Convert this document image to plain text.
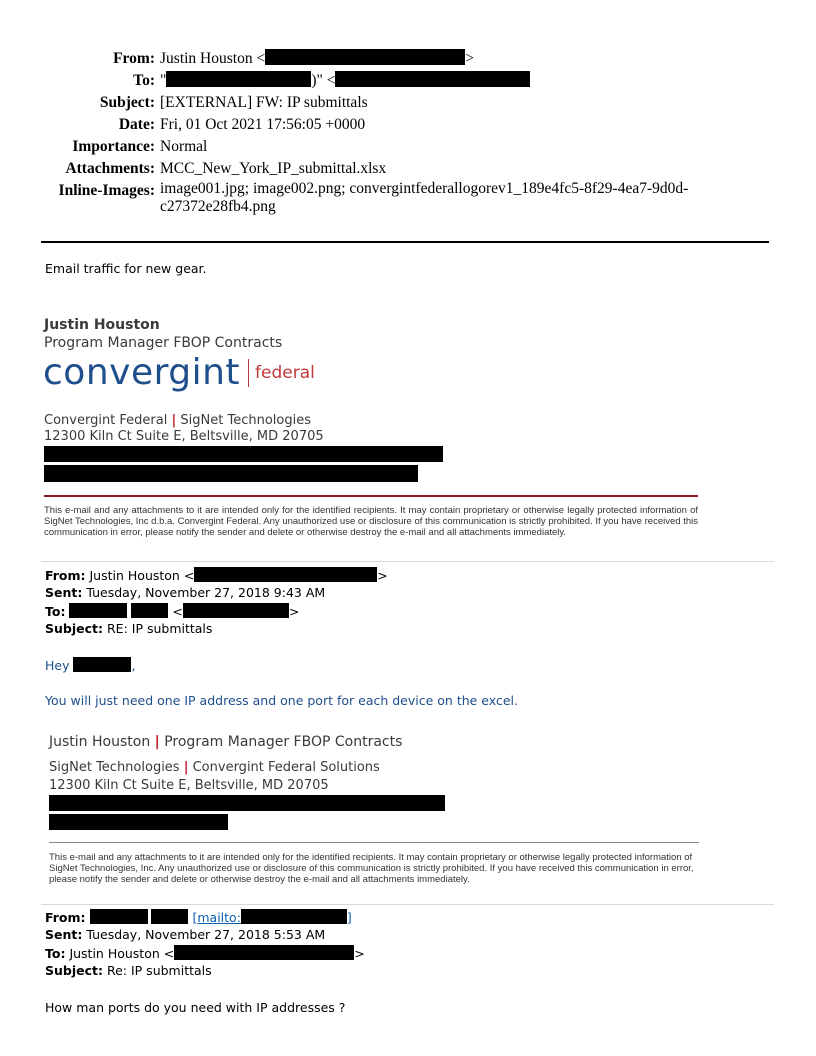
From: Justin Houston <	>
To: "	)" <
Subject: [EXTERNAL] FW: IP submittals
Date: Fri, 01 Oct 2021 17:56:05 +0000
Importance: Normal
Attachments: MCC_New_York_IP_submittal.xlsx
Inline-Images: image001.jpg; image002.png; convergintfederallogorev1_189e4fc5-8f29-4ea7-9d0d-
c27372e28fb4.png
Email traffic for new gear.
Justin Houston
Program Manager FBOP Contracts
convergint federal
Convergint Federal | SigNet Technologies
12300 Kiln Ct Suite E, Beltsville, MD 20705
This e-mail and any attachments to it are intended only for the identified recipients. It may contain proprietary or otherwise legally protected information of SigNet Technologies, Inc d.b.a. Convergint Federal. Any unauthorized use or disclosure of this communication is strictly prohibited. If you have received this communication in error, please notify the sender and delete or otherwise destroy the e-mail and all attachments immediately.
From: Justin Houston <	>
Sent: Tuesday, November 27, 2018 9:43 AM
To:	<	>
Subject: RE: IP submittals
Hey	,
You will just need one IP address and one port for each device on the excel.
Justin Houston | Program Manager FBOP Contracts
SigNet Technologies | Convergint Federal Solutions
12300 Kiln Ct Suite E, Beltsville, MD 20705
This e-mail and any attachments to it are intended only for the identified recipients. It may contain proprietary or otherwise legally protected information of SigNet Technologies, Inc. Any unauthorized use or disclosure of this communication is strictly prohibited. If you have received this communication in error, please notify the sender and delete or otherwise destroy the e-mail and all attachments immediately.
From:	[mailto:	]
Sent: Tuesday, November 27, 2018 5:53 AM
To: Justin Houston <	>
Subject: Re: IP submittals
How man ports do you need with IP addresses ?
